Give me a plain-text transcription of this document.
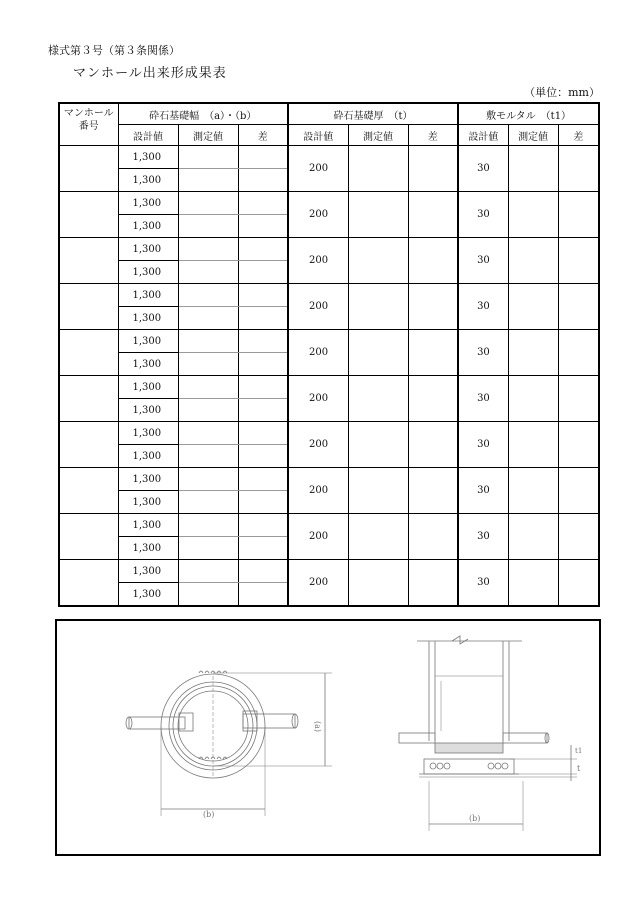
様式第３号（第３条関係）
マンホール出来形成果表
（単位：mm）
マンホール番号	砕石基礎幅　（a）・（b）			砕石基礎厚　（t）			敷モルタル　（t1）		
	設計値	測定値	差	設計値	測定値	差	設計値	測定値	差
	1,300			200			30		
	1,300								
	1,300			200			30		
	1,300								
	1,300			200			30		
	1,300								
	1,300			200			30		
	1,300								
	1,300			200			30		
	1,300								
	1,300			200			30		
	1,300								
	1,300			200			30		
	1,300								
	1,300			200			30		
	1,300								
	1,300			200			30		
	1,300								
	1,300			200			30		
	1,300								
(a)
(b)	(b)
t
t1
